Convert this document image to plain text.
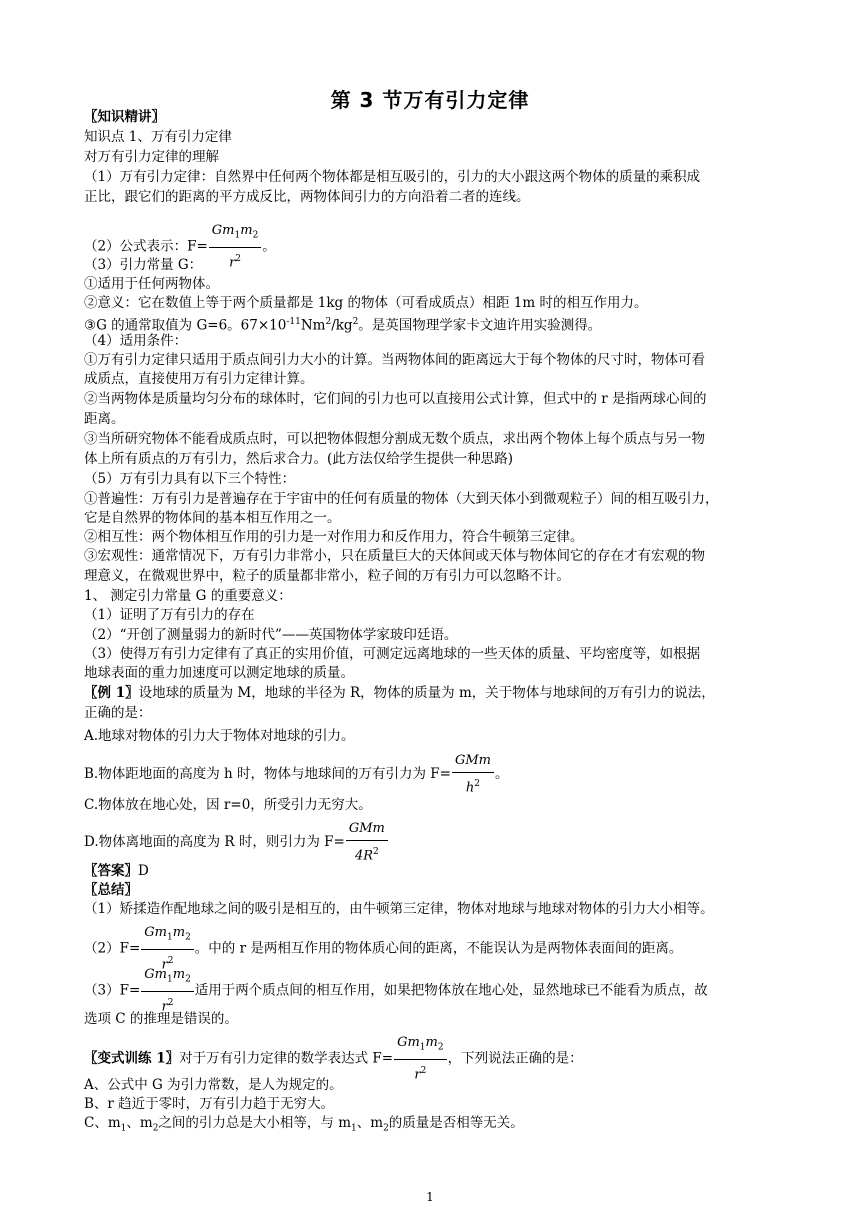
第 3 节万有引力定律
〖知识精讲〗
知识点 1、万有引力定律
对万有引力定律的理解
（1）万有引力定律：自然界中任何两个物体都是相互吸引的，引力的大小跟这两个物体的质量的乘积成
正比，跟它们的距离的平方成反比，两物体间引力的方向沿着二者的连线。
（2）公式表示：$F= \frac{Gm_1m_2}{r^2}$ 。
（3）引力常量 G：
①适用于任何两物体。
②意义：它在数值上等于两个质量都是 1kg 的物体（可看成质点）相距 1m 时的相互作用力。
③G 的通常取值为 G=6。$67\times 10^{-11}Nm^2/kg^2$。是英国物理学家卡文迪许用实验测得。
（4）适用条件：
①万有引力定律只适用于质点间引力大小的计算。当两物体间的距离远大于每个物体的尺寸时，物体可看
成质点，直接使用万有引力定律计算。
②当两物体是质量均匀分布的球体时，它们间的引力也可以直接用公式计算，但式中的 r 是指两球心间的
距离。
③当所研究物体不能看成质点时，可以把物体假想分割成无数个质点，求出两个物体上每个质点与另一物
体上所有质点的万有引力，然后求合力。(此方法仅给学生提供一种思路)
（5）万有引力具有以下三个特性：
①普遍性：万有引力是普遍存在于宇宙中的任何有质量的物体（大到天体小到微观粒子）间的相互吸引力，
它是自然界的物体间的基本相互作用之一。
②相互性：两个物体相互作用的引力是一对作用力和反作用力，符合牛顿第三定律。
③宏观性：通常情况下，万有引力非常小，只在质量巨大的天体间或天体与物体间它的存在才有宏观的物
理意义，在微观世界中，粒子的质量都非常小，粒子间的万有引力可以忽略不计。
1、 测定引力常量 G 的重要意义：
（1）证明了万有引力的存在
（2）“开创了测量弱力的新时代”——英国物体学家玻印廷语。
（3）使得万有引力定律有了真正的实用价值，可测定远离地球的一些天体的质量、平均密度等，如根据
地球表面的重力加速度可以测定地球的质量。
〖例 1〗设地球的质量为 M，地球的半径为 R，物体的质量为 m，关于物体与地球间的万有引力的说法，
正确的是：
A.地球对物体的引力大于物体对地球的引力。
B.物体距地面的高度为 h 时，物体与地球间的万有引力为 F=
GMm
$h^2$
。
C.物体放在地心处，因 r=0，所受引力无穷大。
D.物体离地面的高度为 R 时，则引力为 F=
GMm
$4R^2$
〖答案〗D
〖总结〗
（1）矫揉造作配地球之间的吸引是相互的，由牛顿第三定律，物体对地球与地球对物体的引力大小相等。
$(2)F= \frac{Gm_1m_2}{r^2}$ 。中的 r 是两相互作用的物体质心间的距离，不能误认为是两物体表面间的距离。
$(3)F= \frac{Gm_1m_2}{r^2}$ 适用于两个质点间的相互作用，如果把物体放在地心处，显然地球已不能看为质点，故
选项 C 的推理是错误的。
〖变式训练 1〗对于万有引力定律的数学表达式 $F= \frac{Gm_1m_2}{r^2}$ ，下列说法正确的是：
A、公式中 G 为引力常数，是人为规定的。
B、r 趋近于零时，万有引力趋于无穷大。
C、$m_1$、$m_2$之间的引力总是大小相等，与 $m_1$、$m_2$的质量是否相等无关。
1
